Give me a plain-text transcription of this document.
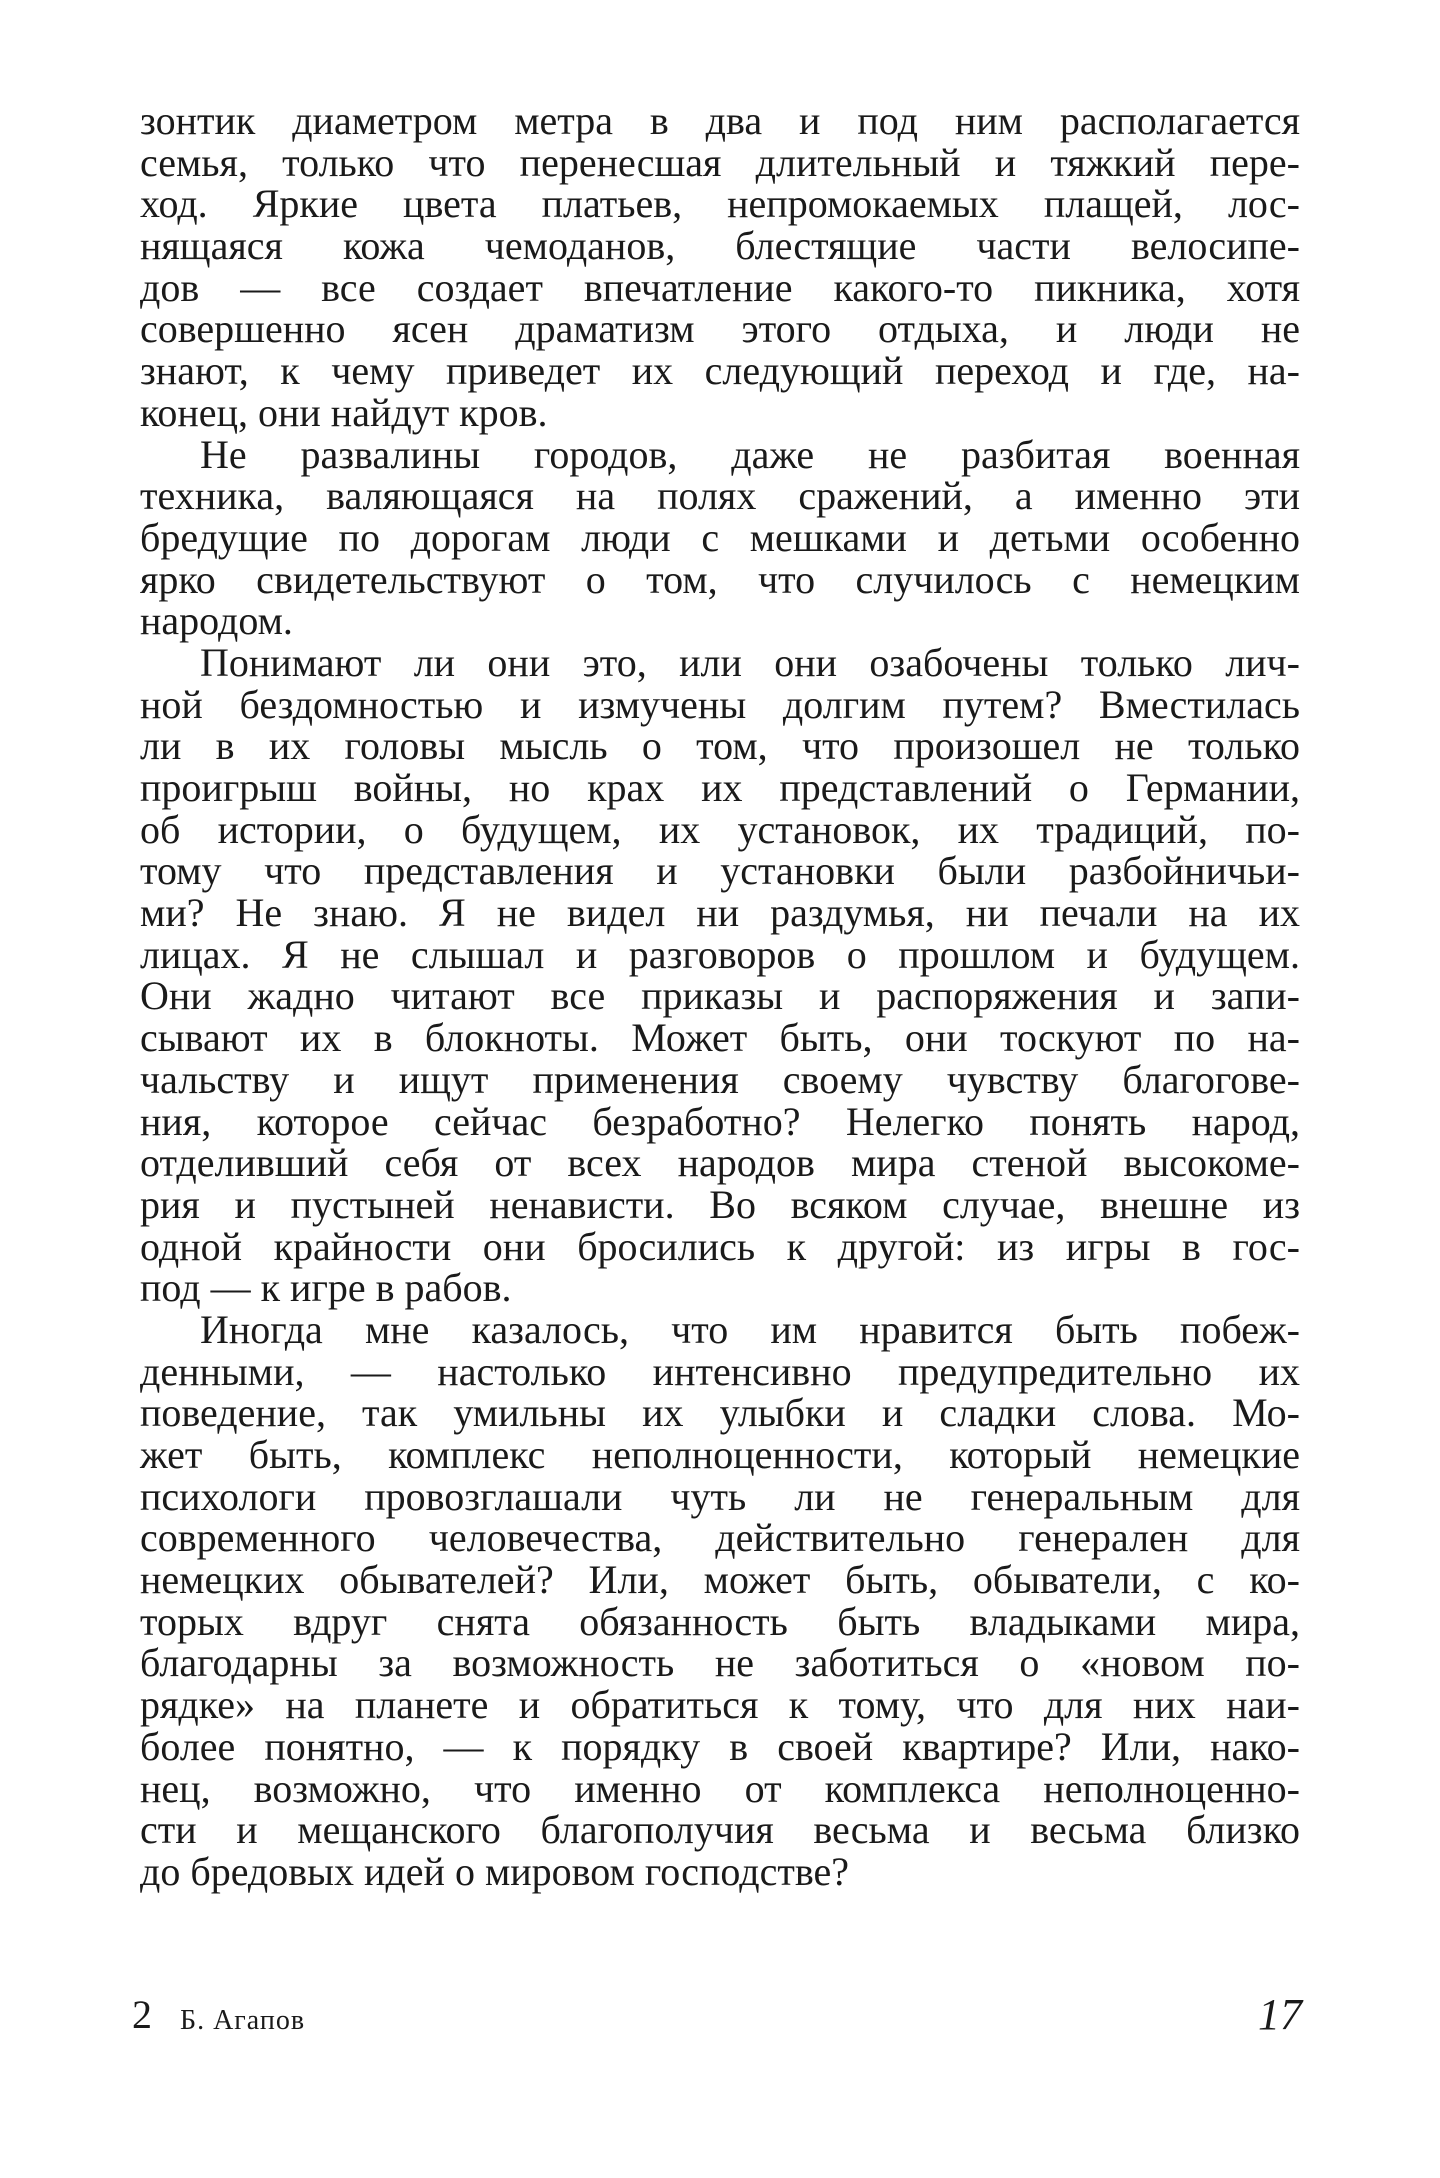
зонтик диаметром метра в два и под ним располагается
семья, только что перенесшая длительный и тяжкий пере-
ход. Яркие цвета платьев, непромокаемых плащей, лос-
нящаяся кожа чемоданов, блестящие части велосипе-
дов — все создает впечатление какого-то пикника, хотя
совершенно ясен драматизм этого отдыха, и люди не
знают, к чему приведет их следующий переход и где, на-
конец, они найдут кров.
Не развалины городов, даже не разбитая военная
техника, валяющаяся на полях сражений, а именно эти
бредущие по дорогам люди с мешками и детьми особенно
ярко свидетельствуют о том, что случилось с немецким
народом.
Понимают ли они это, или они озабочены только лич-
ной бездомностью и измучены долгим путем? Вместилась
ли в их головы мысль о том, что произошел не только
проигрыш войны, но крах их представлений о Германии,
об истории, о будущем, их установок, их традиций, по-
тому что представления и установки были разбойничьи-
ми? Не знаю. Я не видел ни раздумья, ни печали на их
лицах. Я не слышал и разговоров о прошлом и будущем.
Они жадно читают все приказы и распоряжения и запи-
сывают их в блокноты. Может быть, они тоскуют по на-
чальству и ищут применения своему чувству благогове-
ния, которое сейчас безработно? Нелегко понять народ,
отделивший себя от всех народов мира стеной высокоме-
рия и пустыней ненависти. Во всяком случае, внешне из
одной крайности они бросились к другой: из игры в гос-
под — к игре в рабов.
Иногда мне казалось, что им нравится быть побеж-
денными, — настолько интенсивно предупредительно их
поведение, так умильны их улыбки и сладки слова. Мо-
жет быть, комплекс неполноценности, который немецкие
психологи провозглашали чуть ли не генеральным для
современного человечества, действительно генерален для
немецких обывателей? Или, может быть, обыватели, с ко-
торых вдруг снята обязанность быть владыками мира,
благодарны за возможность не заботиться о «новом по-
рядке» на планете и обратиться к тому, что для них наи-
более понятно, — к порядку в своей квартире? Или, нако-
нец, возможно, что именно от комплекса неполноценно-
сти и мещанского благополучия весьма и весьма близко
до бредовых идей о мировом господстве?
2 Б. Агапов	17
